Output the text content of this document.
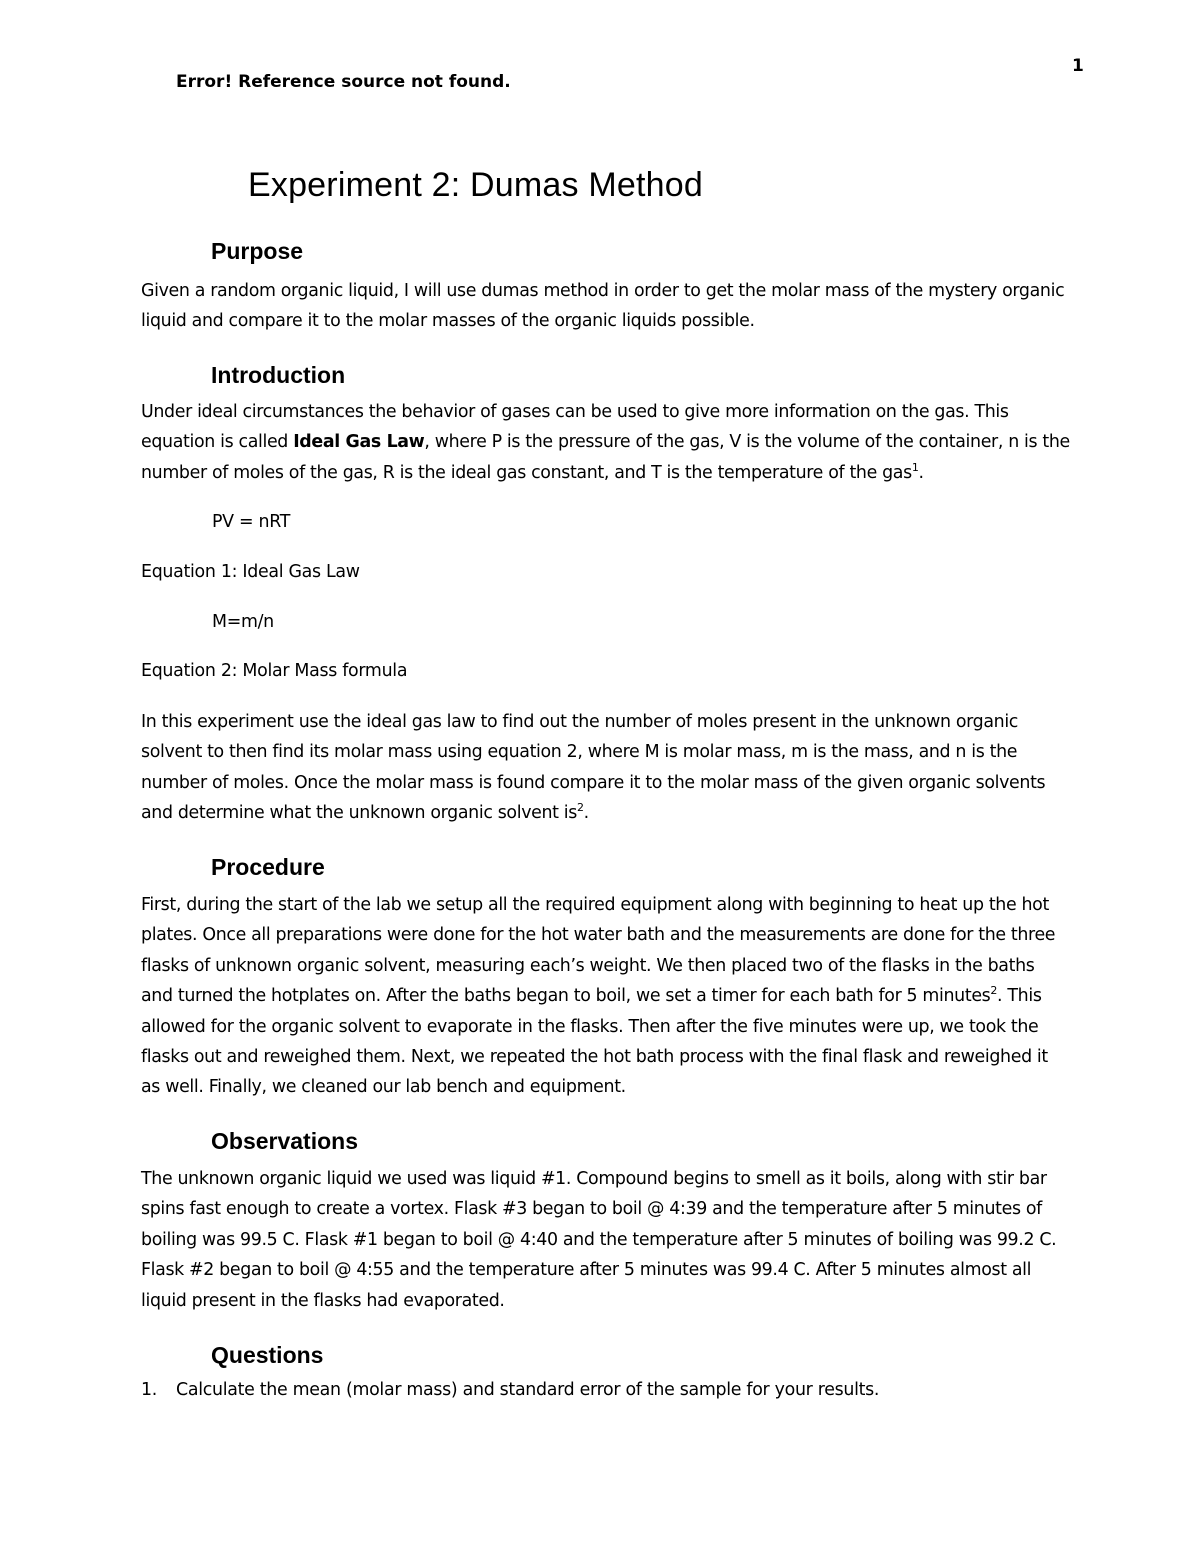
Error! Reference source not found.
1
Experiment 2: Dumas Method
Purpose

Given a random organic liquid, I will use dumas method in order to get the molar mass of the mystery organic liquid and compare it to the molar masses of the organic liquids possible.

Introduction

Under ideal circumstances the behavior of gases can be used to give more information on the gas. This equation is called Ideal Gas Law, where P is the pressure of the gas, V is the volume of the container, n is the number of moles of the gas, R is the ideal gas constant, and T is the temperature of the gas$^1$.

PV = nRT
Equation 1: Ideal Gas Law
M=m/n
Equation 2: Molar Mass formula

In this experiment use the ideal gas law to find out the number of moles present in the unknown organic solvent to then find its molar mass using equation 2, where M is molar mass, m is the mass, and n is the number of moles. Once the molar mass is found compare it to the molar mass of the given organic solvents and determine what the unknown organic solvent $is^2$.

Procedure

First, during the start of the lab we setup all the required equipment along with beginning to heat up the hot plates. Once all preparations were done for the hot water bath and the measurements are done for the three flasks of unknown organic solvent, measuring each’s weight. We then placed two of the flasks in the baths and turned the hotplates on. After the baths began to boil, we set a timer for each bath for 5 minutes$^2$. This allowed for the organic solvent to evaporate in the flasks. Then after the five minutes were up, we took the flasks out and reweighed them. Next, we repeated the hot bath process with the final flask and reweighed it as well. Finally, we cleaned our lab bench and equipment.

Observations

The unknown organic liquid we used was liquid #1. Compound begins to smell as it boils, along with stir bar spins fast enough to create a vortex. Flask #3 began to boil @ 4:39 and the temperature after 5 minutes of boiling was 99.5 C. Flask #1 began to boil @ 4:40 and the temperature after 5 minutes of boiling was 99.2 C. Flask #2 began to boil @ 4:55 and the temperature after 5 minutes was 99.4 C. After 5 minutes almost all liquid present in the flasks had evaporated.

Questions
1. Calculate the mean (molar mass) and standard error of the sample for your results.
